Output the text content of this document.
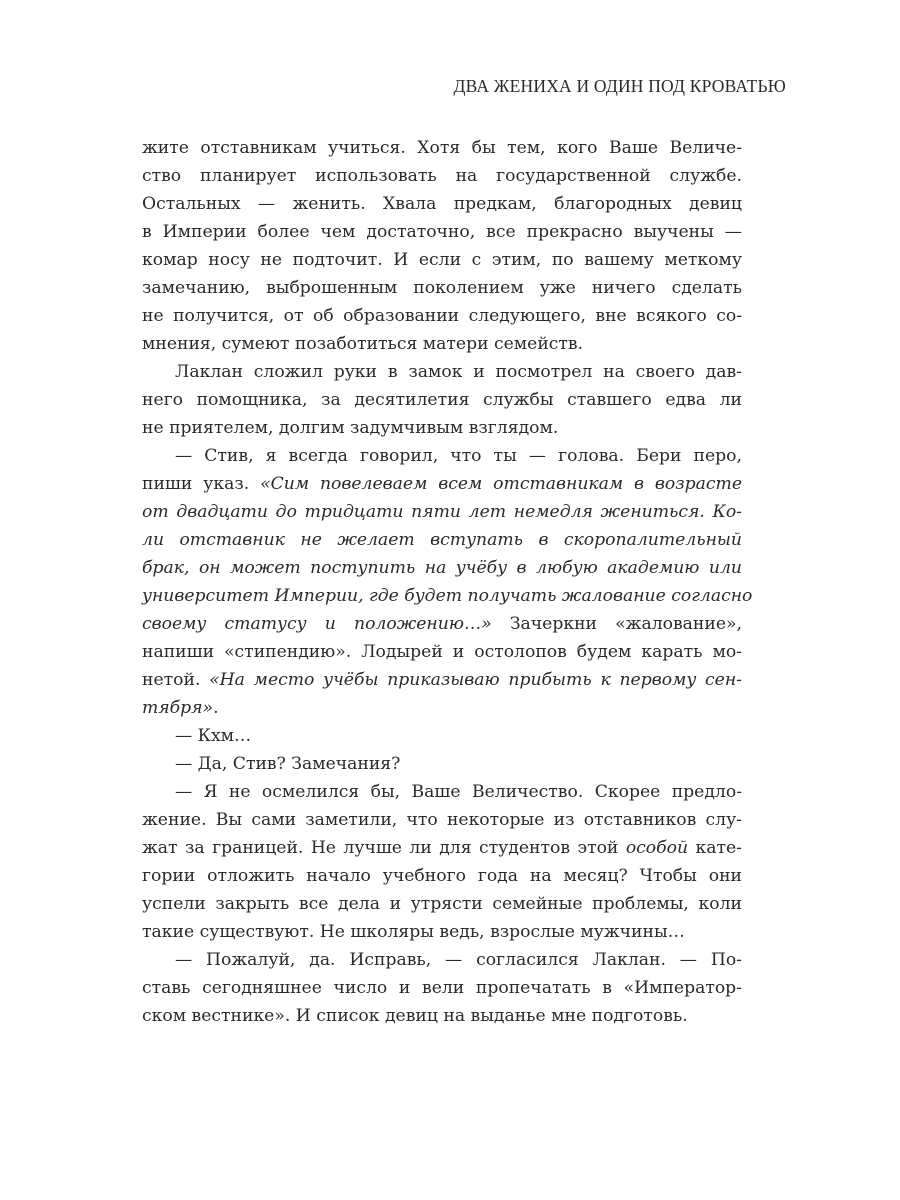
ДВА ЖЕНИХА И ОДИН ПОД КРОВАТЬЮ
жите отставникам учиться. Хотя бы тем, кого Ваше Величе-
ство планирует использовать на государственной службе.
Остальных — женить. Хвала предкам, благородных девиц
в Империи более чем достаточно, все прекрасно выучены —
комар носу не подточит. И если с этим, по вашему меткому
замечанию, выброшенным поколением уже ничего сделать
не получится, от об образовании следующего, вне всякого со-
мнения, сумеют позаботиться матери семейств.
Лаклан сложил руки в замок и посмотрел на своего дав-
него помощника, за десятилетия службы ставшего едва ли
не приятелем, долгим задумчивым взглядом.
— Стив, я всегда говорил, что ты — голова. Бери перо,
пиши указ. «Сим повелеваем всем отставникам в возрасте
от двадцати до тридцати пяти лет немедля жениться. Ко-
ли отставник не желает вступать в скоропалительный
брак, он может поступить на учёбу в любую академию или
университет Империи, где будет получать жалование согласно
своему статусу и положению…» Зачеркни «жалование»,
напиши «стипендию». Лодырей и остолопов будем карать мо-
нетой. «На место учёбы приказываю прибыть к первому сен-
тября».
— Кхм…
— Да, Стив? Замечания?
— Я не осмелился бы, Ваше Величество. Скорее предло-
жение. Вы сами заметили, что некоторые из отставников слу-
жат за границей. Не лучше ли для студентов этой особой кате-
гории отложить начало учебного года на месяц? Чтобы они
успели закрыть все дела и утрясти семейные проблемы, коли
такие существуют. Не школяры ведь, взрослые мужчины…
— Пожалуй, да. Исправь, — согласился Лаклан. — По-
ставь сегодняшнее число и вели пропечатать в «Император-
ском вестнике». И список девиц на выданье мне подготовь.
